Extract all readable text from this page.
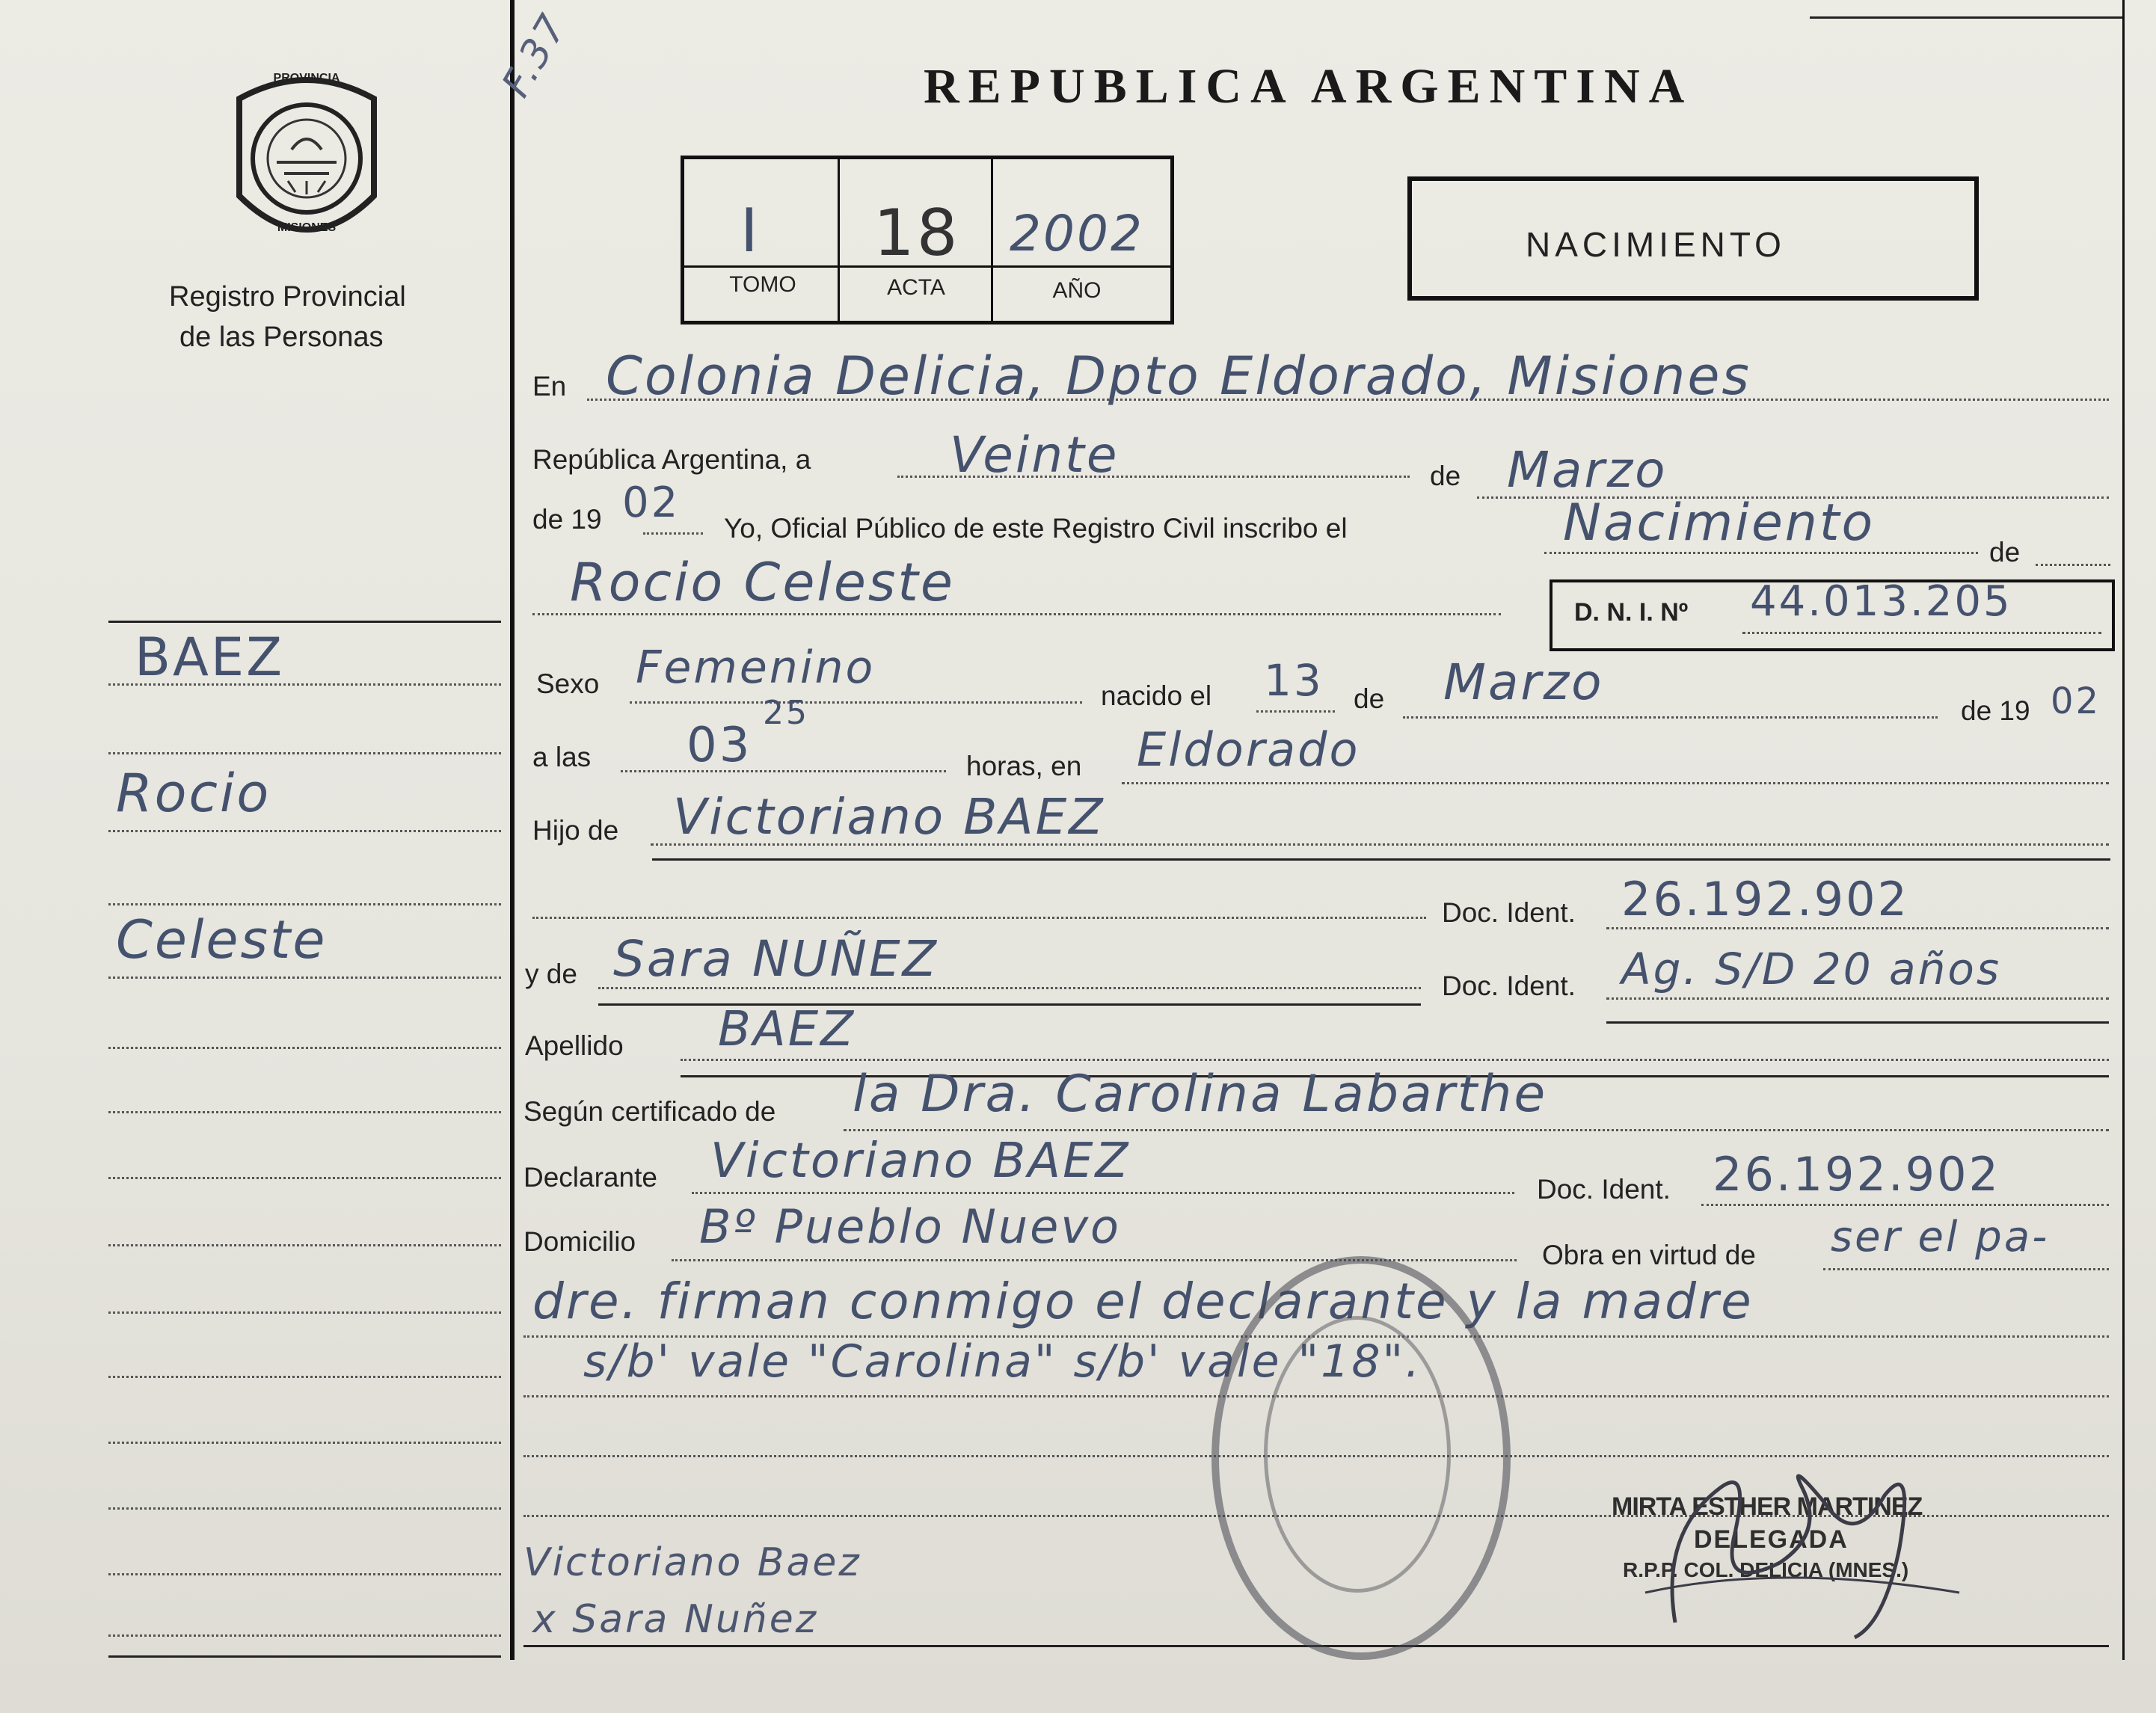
PROVINCIA
MISIONES
Registro Provincial
de las Personas
F.37	REPUBLICA ARGENTINA
I 18 2002
TOMO	ACTA	AÑO
NACIMIENTO
En Colonia Delicia, Dpto Eldorado, Misiones
República Argentina, a	Veinte	de Marzo
de 19 02
Yo, Oficial Público de este Registro Civil inscribo el	Nacimiento	de
Rocio Celeste	D. N. I. Nº 44.013.205
Sexo Femenino
nacido el 13 de Marzo	de 19 02
a las 03
25
horas, en Eldorado
Hijo de Victoriano BAEZ
Doc. Ident. 26.192.902
y de Sara NUÑEZ	Doc. Ident. Ag. S/D 20 años
Apellido BAEZ
Según certificado de la Dra. Carolina Labarthe
Declarante Victoriano BAEZ
Doc. Ident. 26.192.902
Domicilio Bº Pueblo Nuevo
Obra en virtud de ser el pa-
dre. firman conmigo el declarante y la madre
s/b' vale "Carolina" s/b' vale "18".
Victoriano Baez
x Sara Nuñez
MIRTA ESTHER MARTINEZ
DELEGADA
R.P.P. COL. DELICIA (MNES.)
BAEZ
Rocio
Celeste
